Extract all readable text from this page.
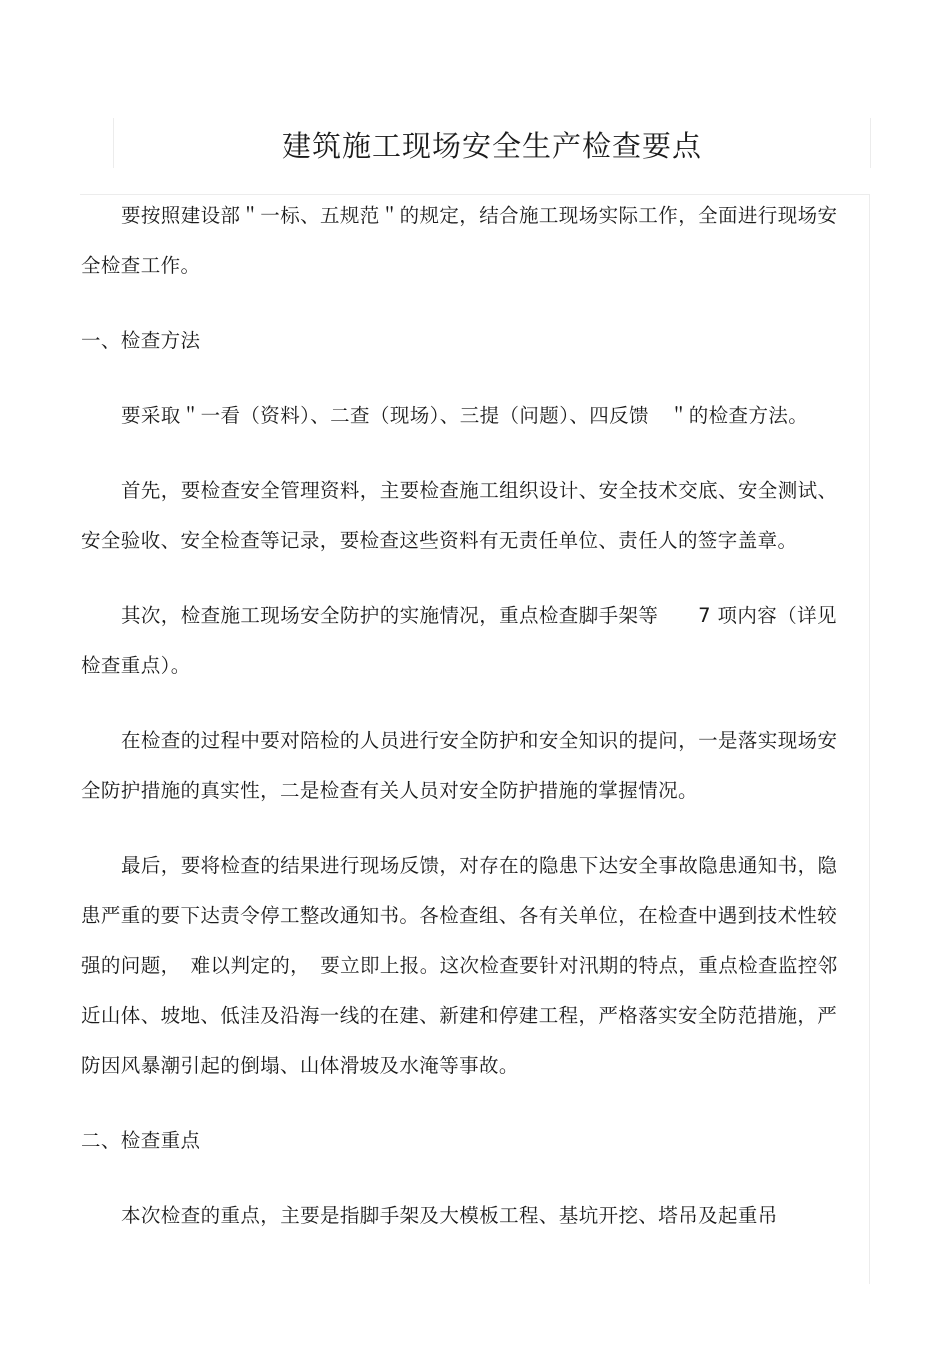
建筑施工现场安全生产检查要点

要按照建设部＂一标、五规范＂的规定，结合施工现场实际工作，全面进行现场安全检查工作。

一、检查方法

要采取＂一看（资料）、二查（现场）、三提（问题）、四反馈　＂的检查方法。

首先，要检查安全管理资料，主要检查施工组织设计、安全技术交底、安全测试、安全验收、安全检查等记录，要检查这些资料有无责任单位、责任人的签字盖章。

其次，检查施工现场安全防护的实施情况，重点检查脚手架等　　7 项内容（详见检查重点）。

在检查的过程中要对陪检的人员进行安全防护和安全知识的提问，一是落实现场安全防护措施的真实性，二是检查有关人员对安全防护措施的掌握情况。

最后，要将检查的结果进行现场反馈，对存在的隐患下达安全事故隐患通知书，隐患严重的要下达责令停工整改通知书。各检查组、各有关单位，在检查中遇到技术性较强的问题，　难以判定的，　要立即上报。这次检查要针对汛期的特点，重点检查监控邻近山体、坡地、低洼及沿海一线的在建、新建和停建工程，严格落实安全防范措施，严防因风暴潮引起的倒塌、山体滑坡及水淹等事故。

二、检查重点

本次检查的重点，主要是指脚手架及大模板工程、基坑开挖、塔吊及起重吊
